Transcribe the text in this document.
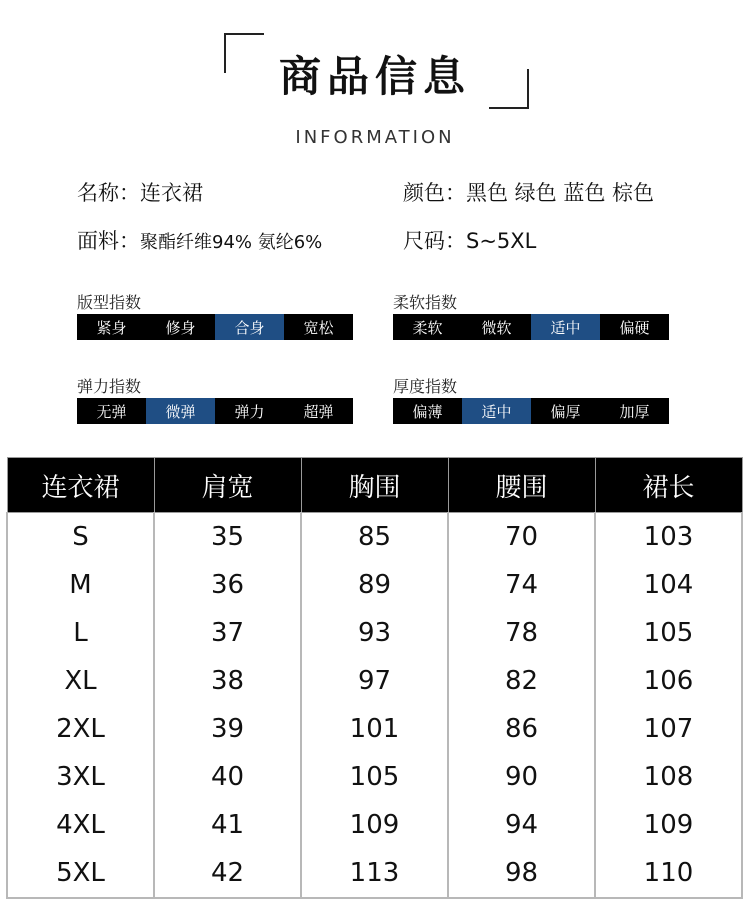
商品信息
INFORMATION
名称：连衣裙	颜色：黑色 绿色 蓝色 棕色
面料：聚酯纤维94% 氨纶6%	尺码：S~5XL
版型指数
紧身	修身	合身	宽松
柔软指数
柔软	微软	适中	偏硬
弹力指数
无弹	微弹	弹力	超弹
厚度指数
偏薄	适中	偏厚	加厚
连衣裙	肩宽	胸围	腰围	裙长
S	35	85	70	103
M	36	89	74	104
L	37	93	78	105
XL	38	97	82	106
2XL	39	101	86	107
3XL	40	105	90	108
4XL	41	109	94	109
5XL	42	113	98	110
